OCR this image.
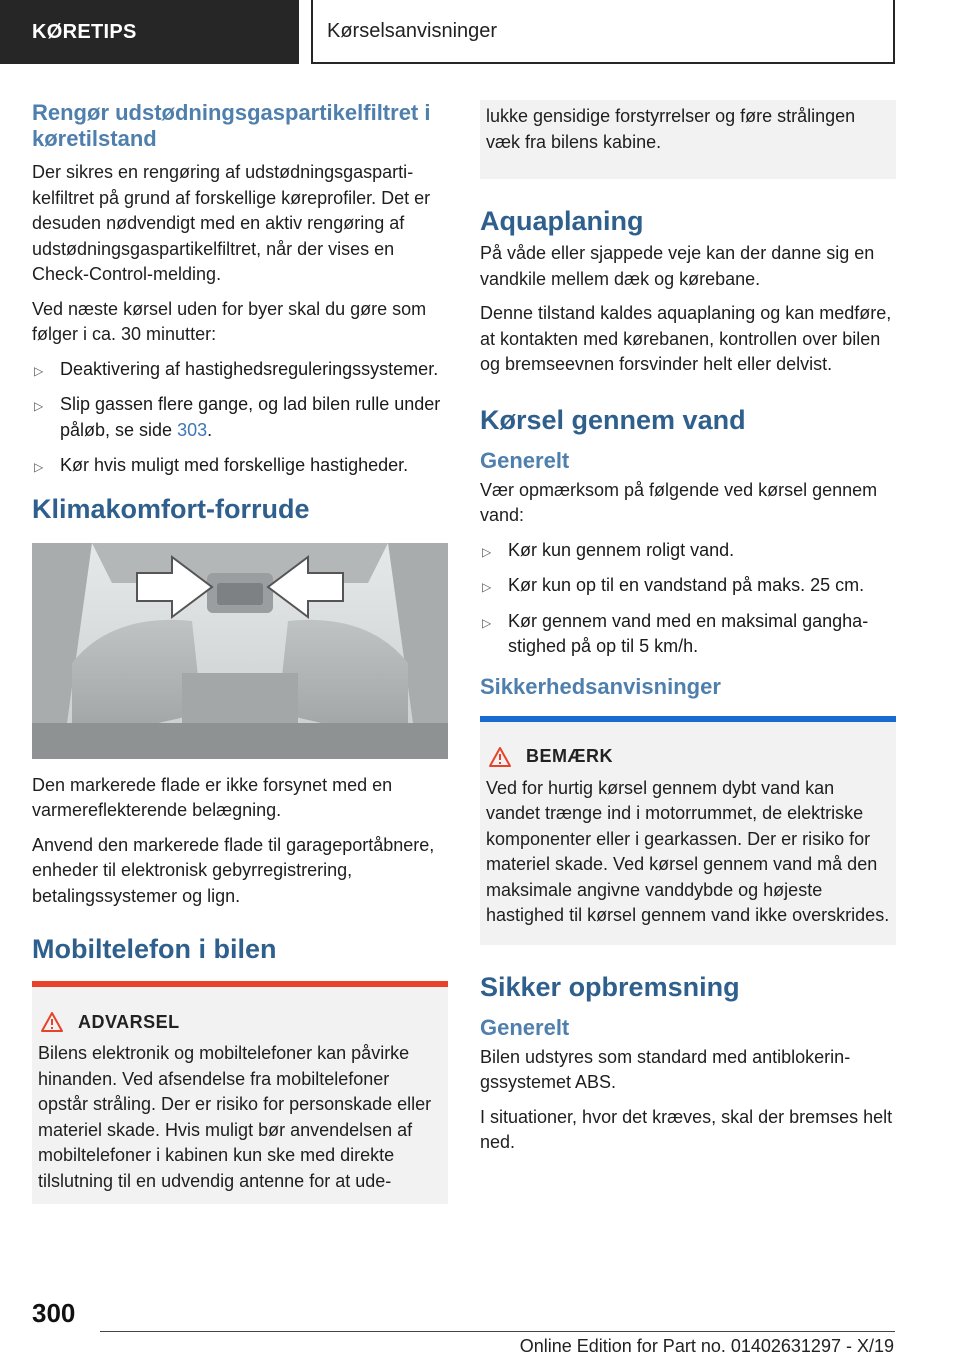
KØRETIPS	Kørselsanvisninger
Rengør udstødningsgaspartikelfiltret i køretilstand

Der sikres en rengøring af udstødningsgaspartikelfiltret på grund af forskellige køreprofiler. Det er desuden nødvendigt med en aktiv rengøring af udstødningsgaspartikelfiltret, når der vises en Check-Control-melding.

Ved næste kørsel uden for byer skal du gøre som følger i ca. 30 minutter:

▷ Deaktivering af hastighedsreguleringssystemer.
▷ Slip gassen flere gange, og lad bilen rulle under påløb, se side 303.
▷ Kør hvis muligt med forskellige hastigheder.
Klimakomfort-forrude

Den markerede flade er ikke forsynet med en varmereflekterende belægning.

Anvend den markerede flade til garageportåbnere, enheder til elektronisk gebyrregistrering, betalingssystemer og lign.

Mobiltelefon i bilen
ADVARSEL

Bilens elektronik og mobiltelefoner kan påvirke hinanden. Ved afsendelse fra mobiltelefoner opstår stråling. Der er risiko for personskade eller materiel skade. Hvis muligt bør anvendelsen af mobiltelefoner i kabinen kun ske med direkte tilslutning til en udvendig antenne for at ude-

lukke gensidige forstyrrelser og føre strålingen væk fra bilens kabine.

Aquaplaning

På våde eller sjappede veje kan der danne sig en vandkile mellem dæk og kørebane.

Denne tilstand kaldes aquaplaning og kan medføre, at kontakten med kørebanen, kontrollen over bilen og bremseevnen forsvinder helt eller delvist.

Kørsel gennem vand
Generelt

Vær opmærksom på følgende ved kørsel gennem vand:

▷ Kør kun gennem roligt vand.
▷ Kør kun op til en vandstand på maks. 25 cm.
▷ Kør gennem vand med en maksimal ganghastighed på op til 5 km/h.
Sikkerhedsanvisninger
BEMÆRK

Ved for hurtig kørsel gennem dybt vand kan vandet trænge ind i motorrummet, de elektriske komponenter eller i gearkassen. Der er risiko for materiel skade. Ved kørsel gennem vand må den maksimale angivne vanddybde og højeste hastighed til kørsel gennem vand ikke overskrides.

Sikker opbremsning
Generelt

Bilen udstyres som standard med antiblokeringssystemet ABS.

I situationer, hvor det kræves, skal der bremses helt ned.

300
Online Edition for Part no. 01402631297 - X/19
